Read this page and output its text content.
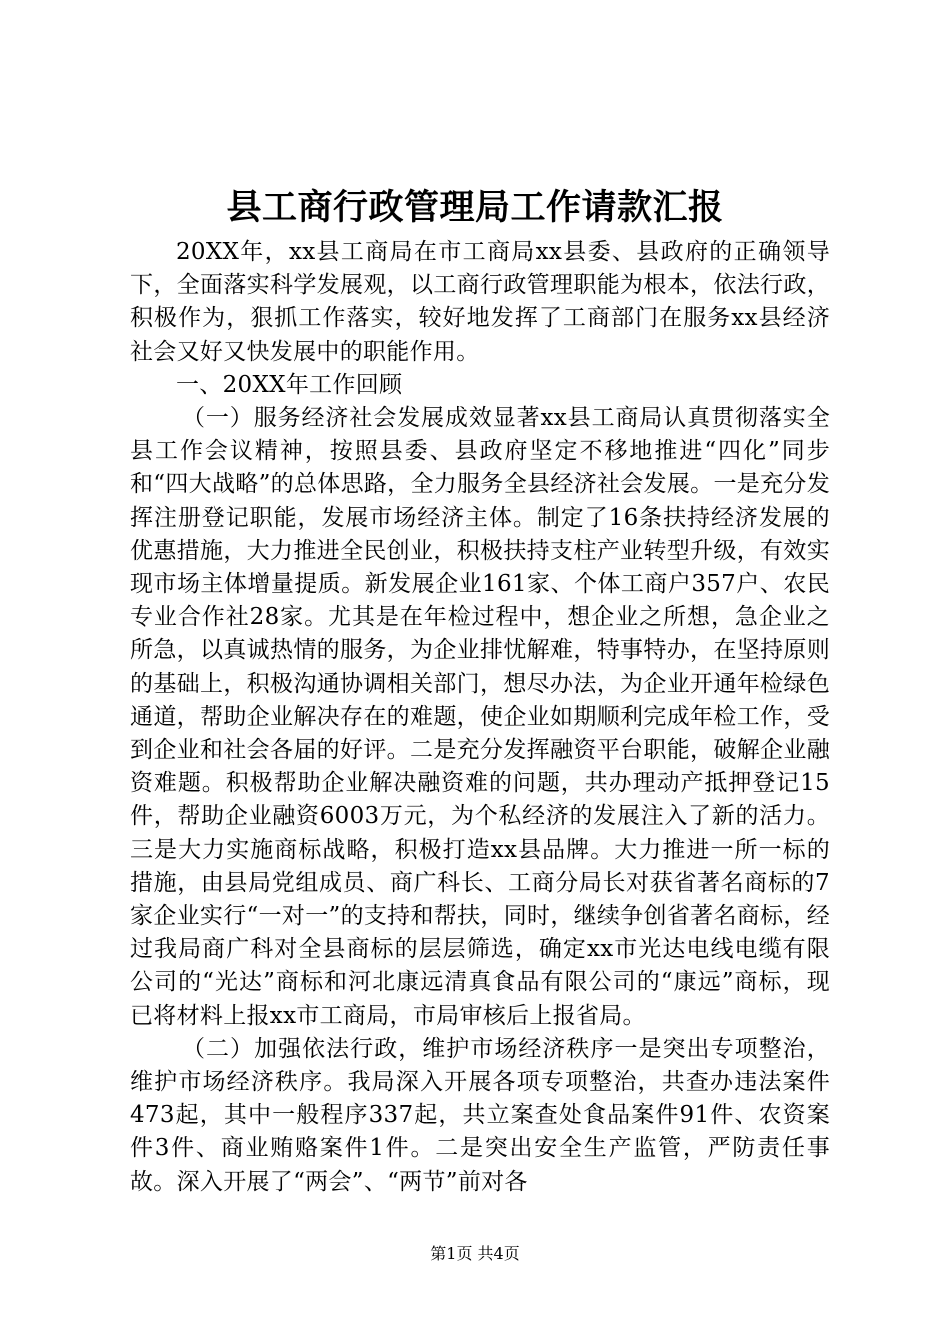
县工商行政管理局工作请款汇报

20XX年，xx县工商局在市工商局xx县委、县政府的正确领导下，全面落实科学发展观，以工商行政管理职能为根本，依法行政，积极作为，狠抓工作落实，较好地发挥了工商部门在服务xx县经济社会又好又快发展中的职能作用。

一、20XX年工作回顾

（一）服务经济社会发展成效显著xx县工商局认真贯彻落实全县工作会议精神，按照县委、县政府坚定不移地推进“四化”同步和“四大战略”的总体思路，全力服务全县经济社会发展。一是充分发挥注册登记职能，发展市场经济主体。制定了16条扶持经济发展的优惠措施，大力推进全民创业，积极扶持支柱产业转型升级，有效实现市场主体增量提质。新发展企业161家、个体工商户357户、农民专业合作社28家。尤其是在年检过程中，想企业之所想，急企业之所急，以真诚热情的服务，为企业排忧解难，特事特办，在坚持原则的基础上，积极沟通协调相关部门，想尽办法，为企业开通年检绿色通道，帮助企业解决存在的难题，使企业如期顺利完成年检工作，受到企业和社会各届的好评。二是充分发挥融资平台职能，破解企业融资难题。积极帮助企业解决融资难的问题，共办理动产抵押登记15件，帮助企业融资6003万元，为个私经济的发展注入了新的活力。三是大力实施商标战略，积极打造xx县品牌。大力推进一所一标的措施，由县局党组成员、商广科长、工商分局长对获省著名商标的7家企业实行“一对一”的支持和帮扶，同时，继续争创省著名商标，经过我局商广科对全县商标的层层筛选，确定xx市光达电线电缆有限公司的“光达”商标和河北康远清真食品有限公司的“康远”商标，现已将材料上报xx市工商局，市局审核后上报省局。

（二）加强依法行政，维护市场经济秩序一是突出专项整治，维护市场经济秩序。我局深入开展各项专项整治，共查办违法案件473起，其中一般程序337起，共立案查处食品案件91件、农资案件3件、商业贿赂案件1件。二是突出安全生产监管，严防责任事故。深入开展了“两会”、“两节”前对各

第1页 共4页
